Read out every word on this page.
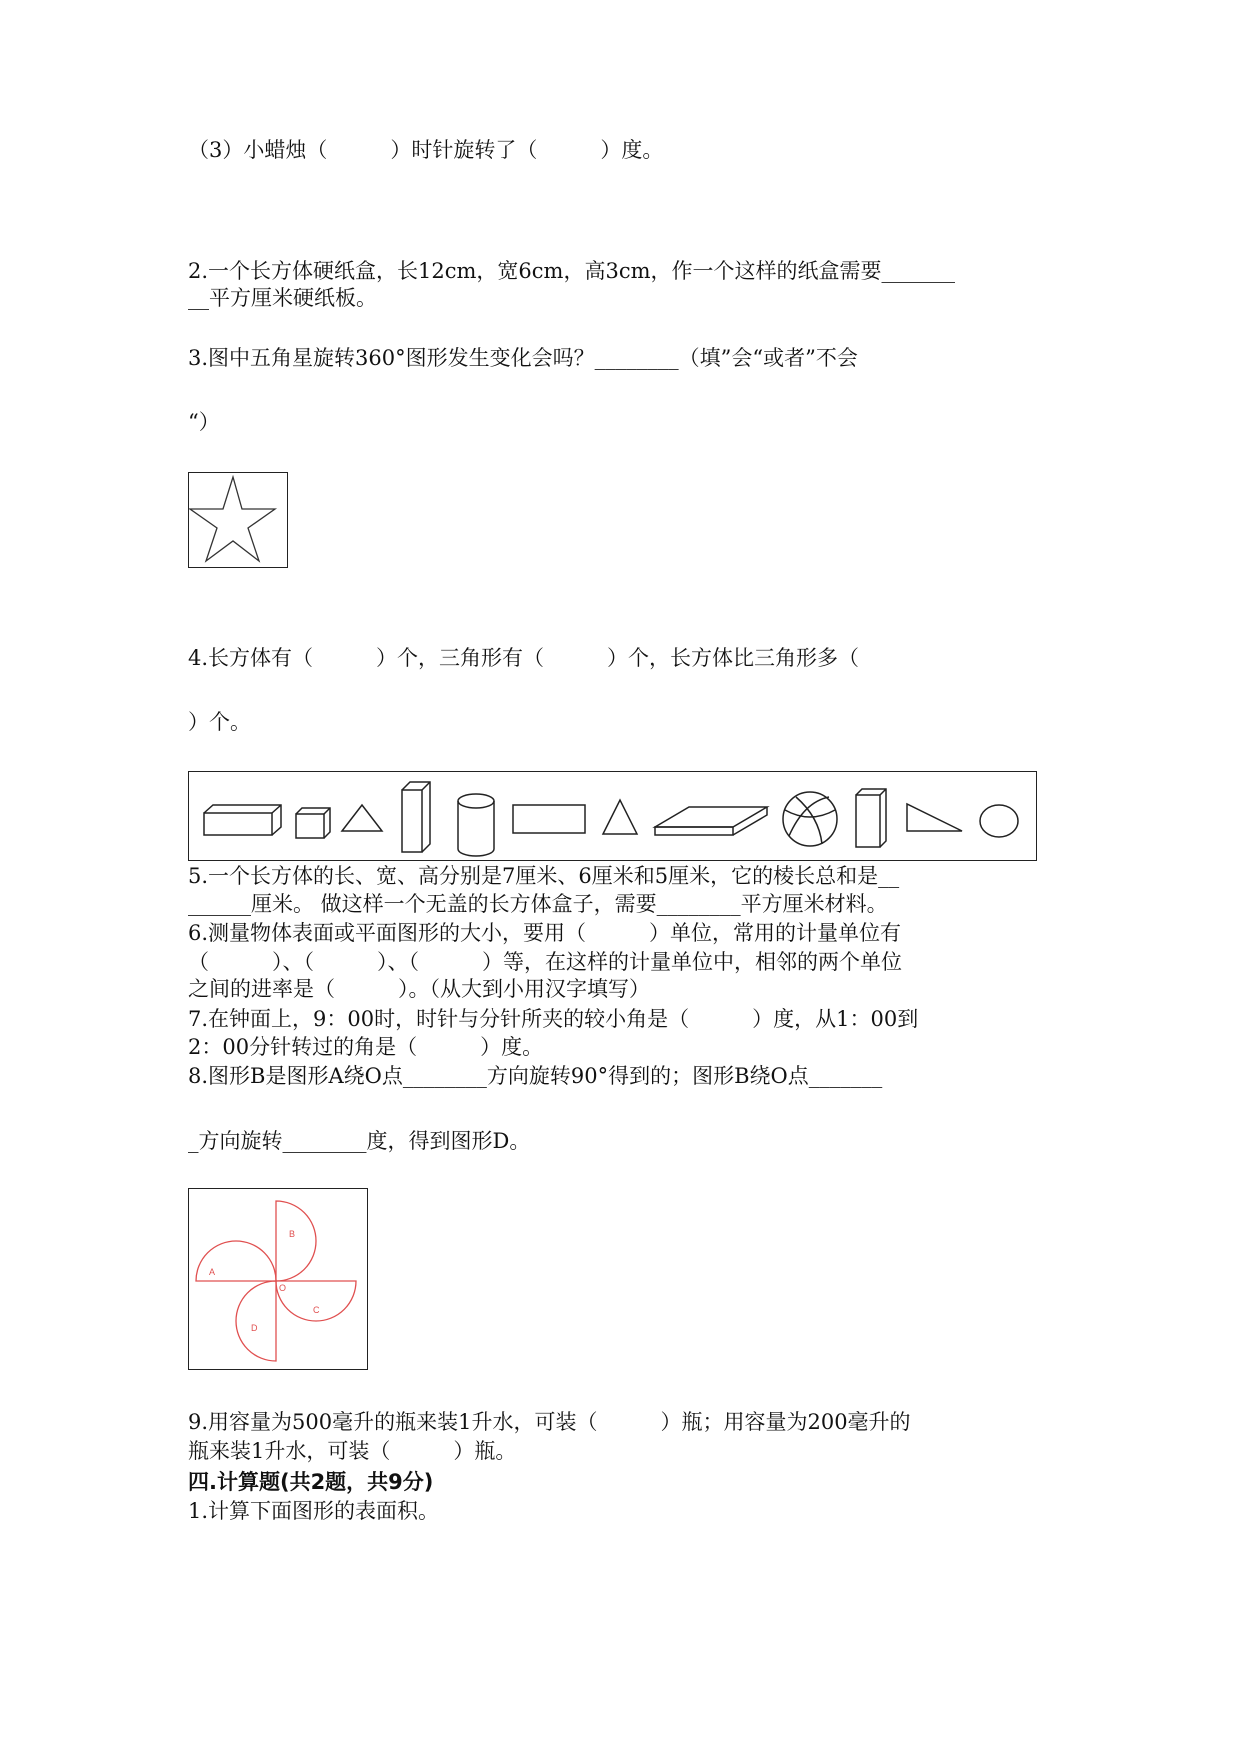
（3）小蜡烛（　　　）时针旋转了（　　　）度。
2.一个长方体硬纸盒，长12cm，宽6cm，高3cm，作一个这样的纸盒需要_______
__平方厘米硬纸板。
3.图中五角星旋转360°图形发生变化会吗？________（填”会“或者”不会
“）
4.长方体有（　　　）个，三角形有（　　　）个，长方体比三角形多（
）个。
5.一个长方体的长、宽、高分别是7厘米、6厘米和5厘米，它的棱长总和是__
______厘米。 做这样一个无盖的长方体盒子，需要________平方厘米材料。
6.测量物体表面或平面图形的大小，要用（　　　）单位，常用的计量单位有
（　　　）、（　　　）、（　　　）等，在这样的计量单位中，相邻的两个单位
之间的进率是（　　　）。（从大到小用汉字填写）
7.在钟面上，9：00时，时针与分针所夹的较小角是（　　　）度，从1：00到
2：00分针转过的角是（　　　）度。
8.图形B是图形A绕O点________方向旋转90°得到的；图形B绕O点_______
_方向旋转________度，得到图形D。
A
B
C
D
O
9.用容量为500毫升的瓶来装1升水，可装（　　　）瓶；用容量为200毫升的
瓶来装1升水，可装（　　　）瓶。
四.计算题(共2题，共9分)
1.计算下面图形的表面积。
